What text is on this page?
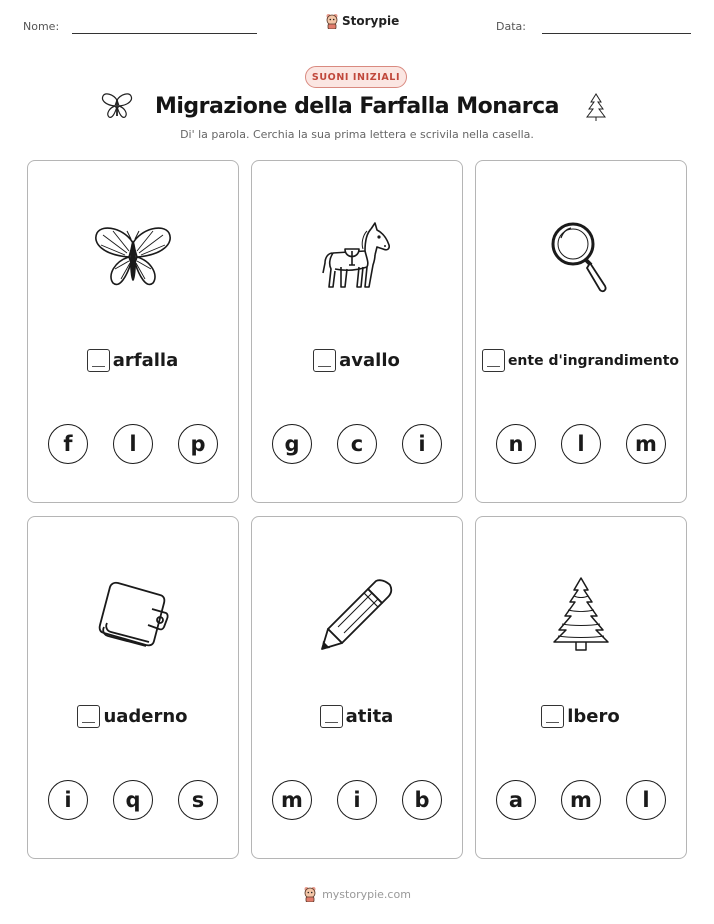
Nome:	Storypie	Data:
SUONI INIZIALI
Migrazione della Farfalla Monarca
Di' la parola. Cerchia la sua prima lettera e scrivila nella casella.
arfalla
f	l	p
avallo
g	c	i
ente d'ingrandimento
n	l	m
uaderno
i	q	s
atita
m	i	b
lbero
a	m	l
mystorypie.com
